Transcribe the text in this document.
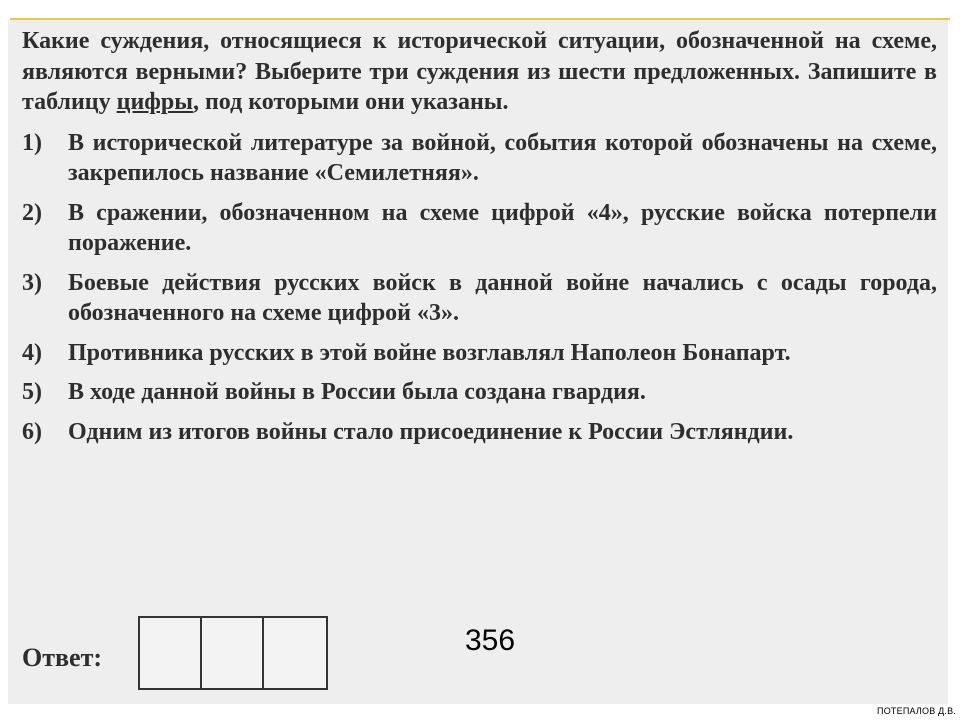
Какие суждения, относящиеся к исторической ситуации, обозначенной на схеме, являются верными? Выберите три суждения из шести предложенных. Запишите в таблицу цифры, под которыми они указаны.

1)	В исторической литературе за войной, события которой обозначены на схеме, закрепилось название «Семилетняя».
2)	В сражении, обозначенном на схеме цифрой «4», русские войска потерпели поражение.
3)	Боевые действия русских войск в данной войне начались с осады города, обозначенного на схеме цифрой «3».
4)	Противника русских в этой войне возглавлял Наполеон Бонапарт.
5)	В ходе данной войны в России была создана гвардия.
6)	Одним из итогов войны стало присоединение к России Эстляндии.
Ответ:
356
ПОТЕПАЛОВ Д.В.
